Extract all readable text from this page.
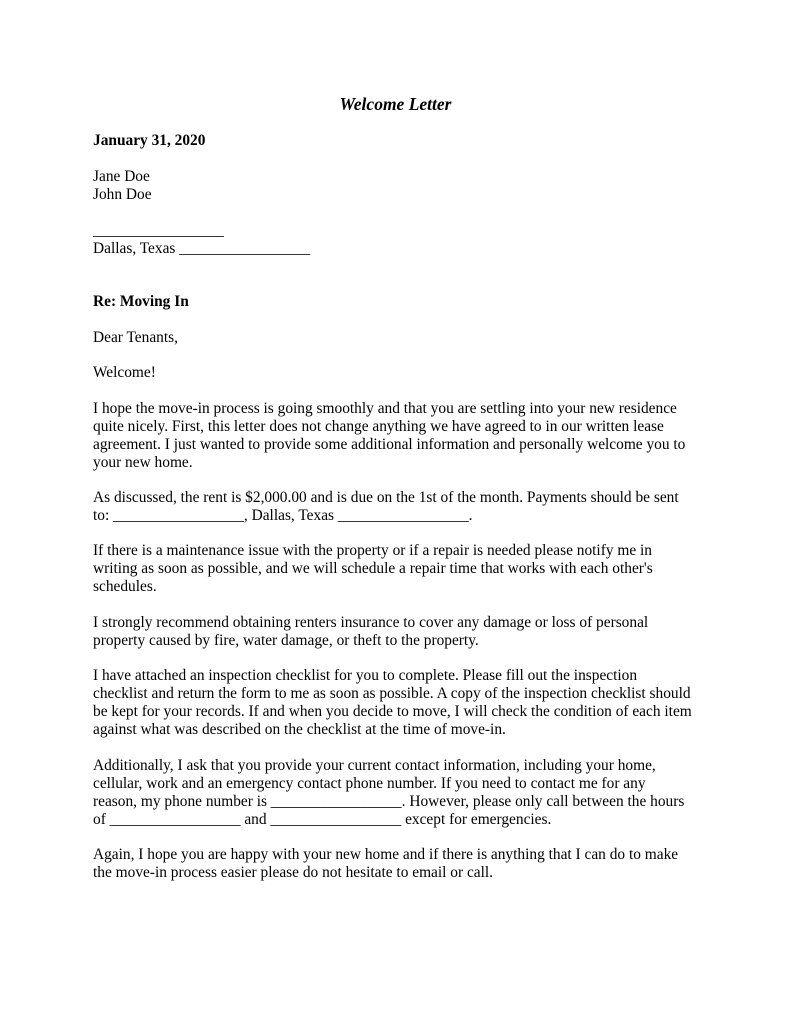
Welcome Letter
January 31, 2020
Jane Doe
John Doe
_________________
Dallas, Texas _________________
Re: Moving In
Dear Tenants,
Welcome!
I hope the move-in process is going smoothly and that you are settling into your new residence
quite nicely. First, this letter does not change anything we have agreed to in our written lease
agreement. I just wanted to provide some additional information and personally welcome you to
your new home.
As discussed, the rent is $2,000.00 and is due on the 1st of the month. Payments should be sent
to: _________________, Dallas, Texas _________________.
If there is a maintenance issue with the property or if a repair is needed please notify me in
writing as soon as possible, and we will schedule a repair time that works with each other's
schedules.
I strongly recommend obtaining renters insurance to cover any damage or loss of personal
property caused by fire, water damage, or theft to the property.
I have attached an inspection checklist for you to complete. Please fill out the inspection
checklist and return the form to me as soon as possible. A copy of the inspection checklist should
be kept for your records. If and when you decide to move, I will check the condition of each item
against what was described on the checklist at the time of move-in.
Additionally, I ask that you provide your current contact information, including your home,
cellular, work and an emergency contact phone number. If you need to contact me for any
reason, my phone number is _________________. However, please only call between the hours
of _________________ and _________________ except for emergencies.
Again, I hope you are happy with your new home and if there is anything that I can do to make
the move-in process easier please do not hesitate to email or call.
